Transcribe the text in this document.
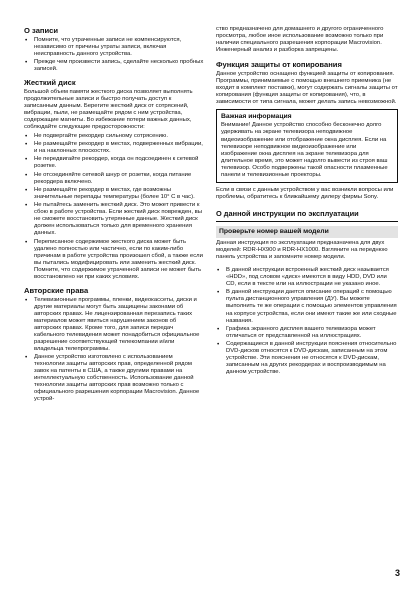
О записи
• Помните, что утраченные записи не компенсируются, независимо от причины утраты записи, включая неисправность данного устройства.
• Прежде чем произвести запись, сделайте несколько пробных записей.
Жесткий диск

Большой объем памяти жесткого диска позволяет выполнять продолжительные записи и быстро получать доступ к записанным данным. Берегите жесткий диск от сотрясений, вибрации, пыли, не размещайте рядом с ним устройства, содержащие магниты. Во избежание потери важных данных, соблюдайте следующие предосторожности:

• Не подвергайте рекордер сильному сотрясению.
• Не размещайте рекордер в местах, подверженных вибрации, и на наклонных плоскостях.
• Не передвигайте рекордер, когда он подсоединен к сетевой розетке.
• Не отсоединяйте сетевой шнур от розетки, когда питание рекордера включено.
• Не размещайте рекордер в местах, где возможны значительные перепады температуры (более 10° С в час).
• Не пытайтесь заменить жесткий диск. Это может привести к сбою в работе устройства. Если жесткий диск поврежден, вы не сможете восстановить утерянные данные. Жесткий диск должен использоваться только для временного хранения данных.
• Переписанное содержимое жесткого диска может быть удалено полностью или частично, если по каким-либо причинам в работе устройства произошел сбой, а также если вы пытались модифицировать или заменить жесткий диск. Помните, что содержимое утраченной записи не может быть восстановлено ни при каких условиях.
Авторские права
• Телевизионные программы, пленки, видеокассеты, диски и другие материалы могут быть защищены законами об авторских правах. Не лицензированная перезапись таких материалов может явиться нарушением законов об авторских правах. Кроме того, для записи передач кабельного телевидения может понадобиться официальное разрешение соответствующей телекомпании и/или владельца телепрограммы.
• Данное устройство изготовлено с использованием технологии защиты авторских прав, определенной рядом завок на патенты в США, а также другими правами на интеллектуальную собственность. Использование данной технологии защиты авторских прав возможно только с официального разрешения корпорации Macrovision. Данное устрой-

ство предназначено для домашнего и другого ограниченного просмотра, любое иное использование возможно только при наличии специального разрешения корпорации Macrovision. Инженерный анализ и разборка запрещены.

Функция защиты от копирования

Данное устройство оснащено функцией защиты от копирования. Программы, принимаемые с помощью внешнего приемника (не входит в комплект поставки), могут содержать сигналы защиты от копирования (функция защиты от копирования), что, в зависимости от типа сигнала, может делать запись невозможной.

Важная информация

Внимание! Данное устройство способно бесконечно долго удерживать на экране телевизора неподвижное видеоизображение или отображение окна дисплея. Если на телевизоре неподвижное видеоизображение или изображение окна дисплея на экране телевизора для длительное время, это может надолго вывести из строя ваш телевизор. Особо подвержены такой опасности плазменные панели и телевизионные проекторы.

Если в связи с данным устройством у вас возникли вопросы или проблемы, обратитесь к ближайшему дилеру фирмы Sony.

О данной инструкции по эксплуатации
Проверьте номер вашей модели

Данная инструкция по эксплуатации предназначена для двух моделей: RDR-HX900 и RDR-HX1000. Взгляните на переднюю панель устройства и запомните номер модели.

• В данной инструкции встроенный жесткий диск называется «HDD», под словом «диск» имеются в виду HDD, DVD или CD, если в тексте или на иллюстрации не указано иное.
• В данной инструкции дается описание операций с помощью пульта дистанционного управления (ДУ). Вы можете выполнить те же операции с помощью элементов управления на корпусе устройства, если они имеют такие же или сходные названия.
• Графика экранного дисплея вашего телевизора может отличаться от представленной на иллюстрациях.
• Содержащиеся в данной инструкции пояснения относительно DVD-дисков относятся к DVD-дискам, записанным на этом устройстве. Эти пояснения не относятся к DVD-дискам, записанным на других рекордерах и воспроизводимым на данном устройстве.
3
